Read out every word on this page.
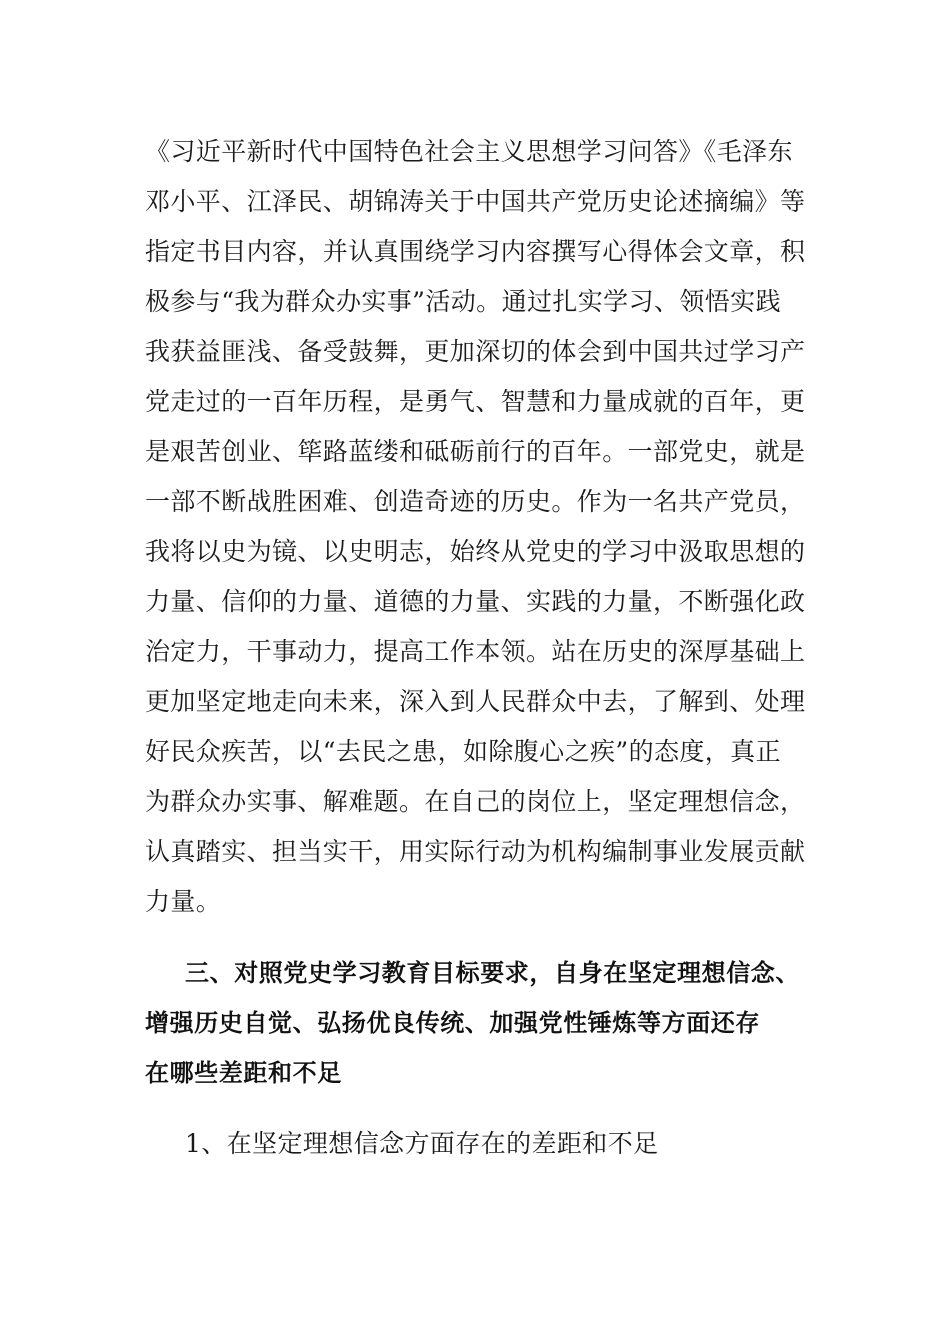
《习近平新时代中国特色社会主义思想学习问答》《毛泽东
邓小平、江泽民、胡锦涛关于中国共产党历史论述摘编》等
指定书目内容，并认真围绕学习内容撰写心得体会文章，积
极参与“我为群众办实事”活动。通过扎实学习、领悟实践
我获益匪浅、备受鼓舞，更加深切的体会到中国共过学习产
党走过的一百年历程，是勇气、智慧和力量成就的百年，更
是艰苦创业、筚路蓝缕和砥砺前行的百年。一部党史，就是
一部不断战胜困难、创造奇迹的历史。作为一名共产党员，
我将以史为镜、以史明志，始终从党史的学习中汲取思想的
力量、信仰的力量、道德的力量、实践的力量，不断强化政
治定力，干事动力，提高工作本领。站在历史的深厚基础上
更加坚定地走向未来，深入到人民群众中去，了解到、处理
好民众疾苦，以“去民之患，如除腹心之疾”的态度，真正
为群众办实事、解难题。在自己的岗位上，坚定理想信念，
认真踏实、担当实干，用实际行动为机构编制事业发展贡献
力量。
三、对照党史学习教育目标要求，自身在坚定理想信念、
增强历史自觉、弘扬优良传统、加强党性锤炼等方面还存
在哪些差距和不足
1、在坚定理想信念方面存在的差距和不足
